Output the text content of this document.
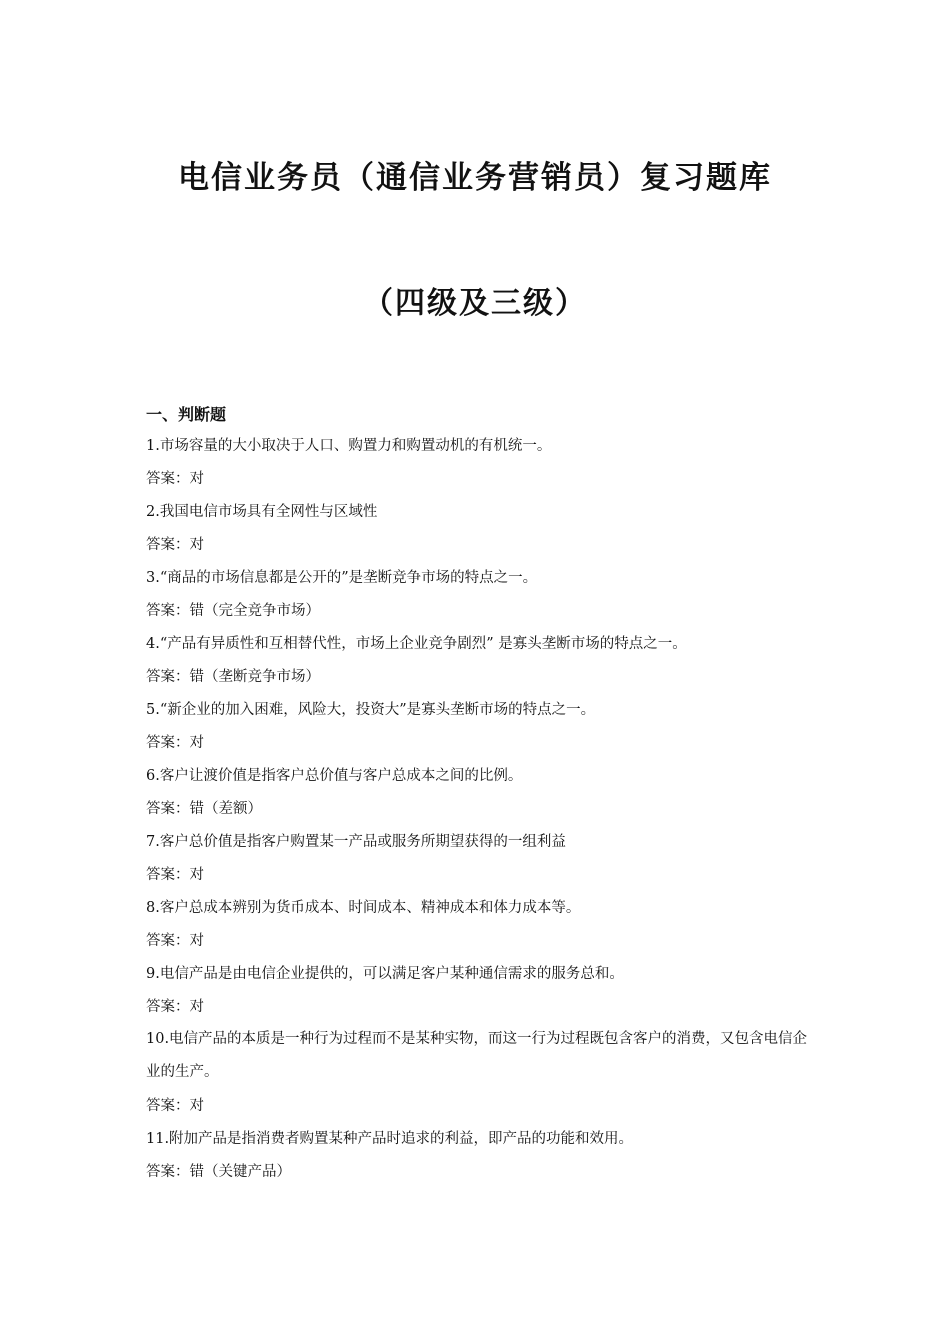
电信业务员（通信业务营销员）复习题库
（四级及三级）
一、判断题
1.市场容量的大小取决于人口、购置力和购置动机的有机统一。
答案：对
2.我国电信市场具有全网性与区域性
答案：对
3.“商品的市场信息都是公开的”是垄断竞争市场的特点之一。
答案：错（完全竞争市场）
4.“产品有异质性和互相替代性，市场上企业竞争剧烈” 是寡头垄断市场的特点之一。
答案：错（垄断竞争市场）
5.“新企业的加入困难，风险大，投资大”是寡头垄断市场的特点之一。
答案：对
6.客户让渡价值是指客户总价值与客户总成本之间的比例。
答案：错（差额）
7.客户总价值是指客户购置某一产品或服务所期望获得的一组利益
答案：对
8.客户总成本辨别为货币成本、时间成本、精神成本和体力成本等。
答案：对
9.电信产品是由电信企业提供的，可以满足客户某种通信需求的服务总和。
答案：对
10.电信产品的本质是一种行为过程而不是某种实物，而这一行为过程既包含客户的消费，又包含电信企业的生产。
答案：对
11.附加产品是指消费者购置某种产品时追求的利益，即产品的功能和效用。
答案：错（关键产品）
